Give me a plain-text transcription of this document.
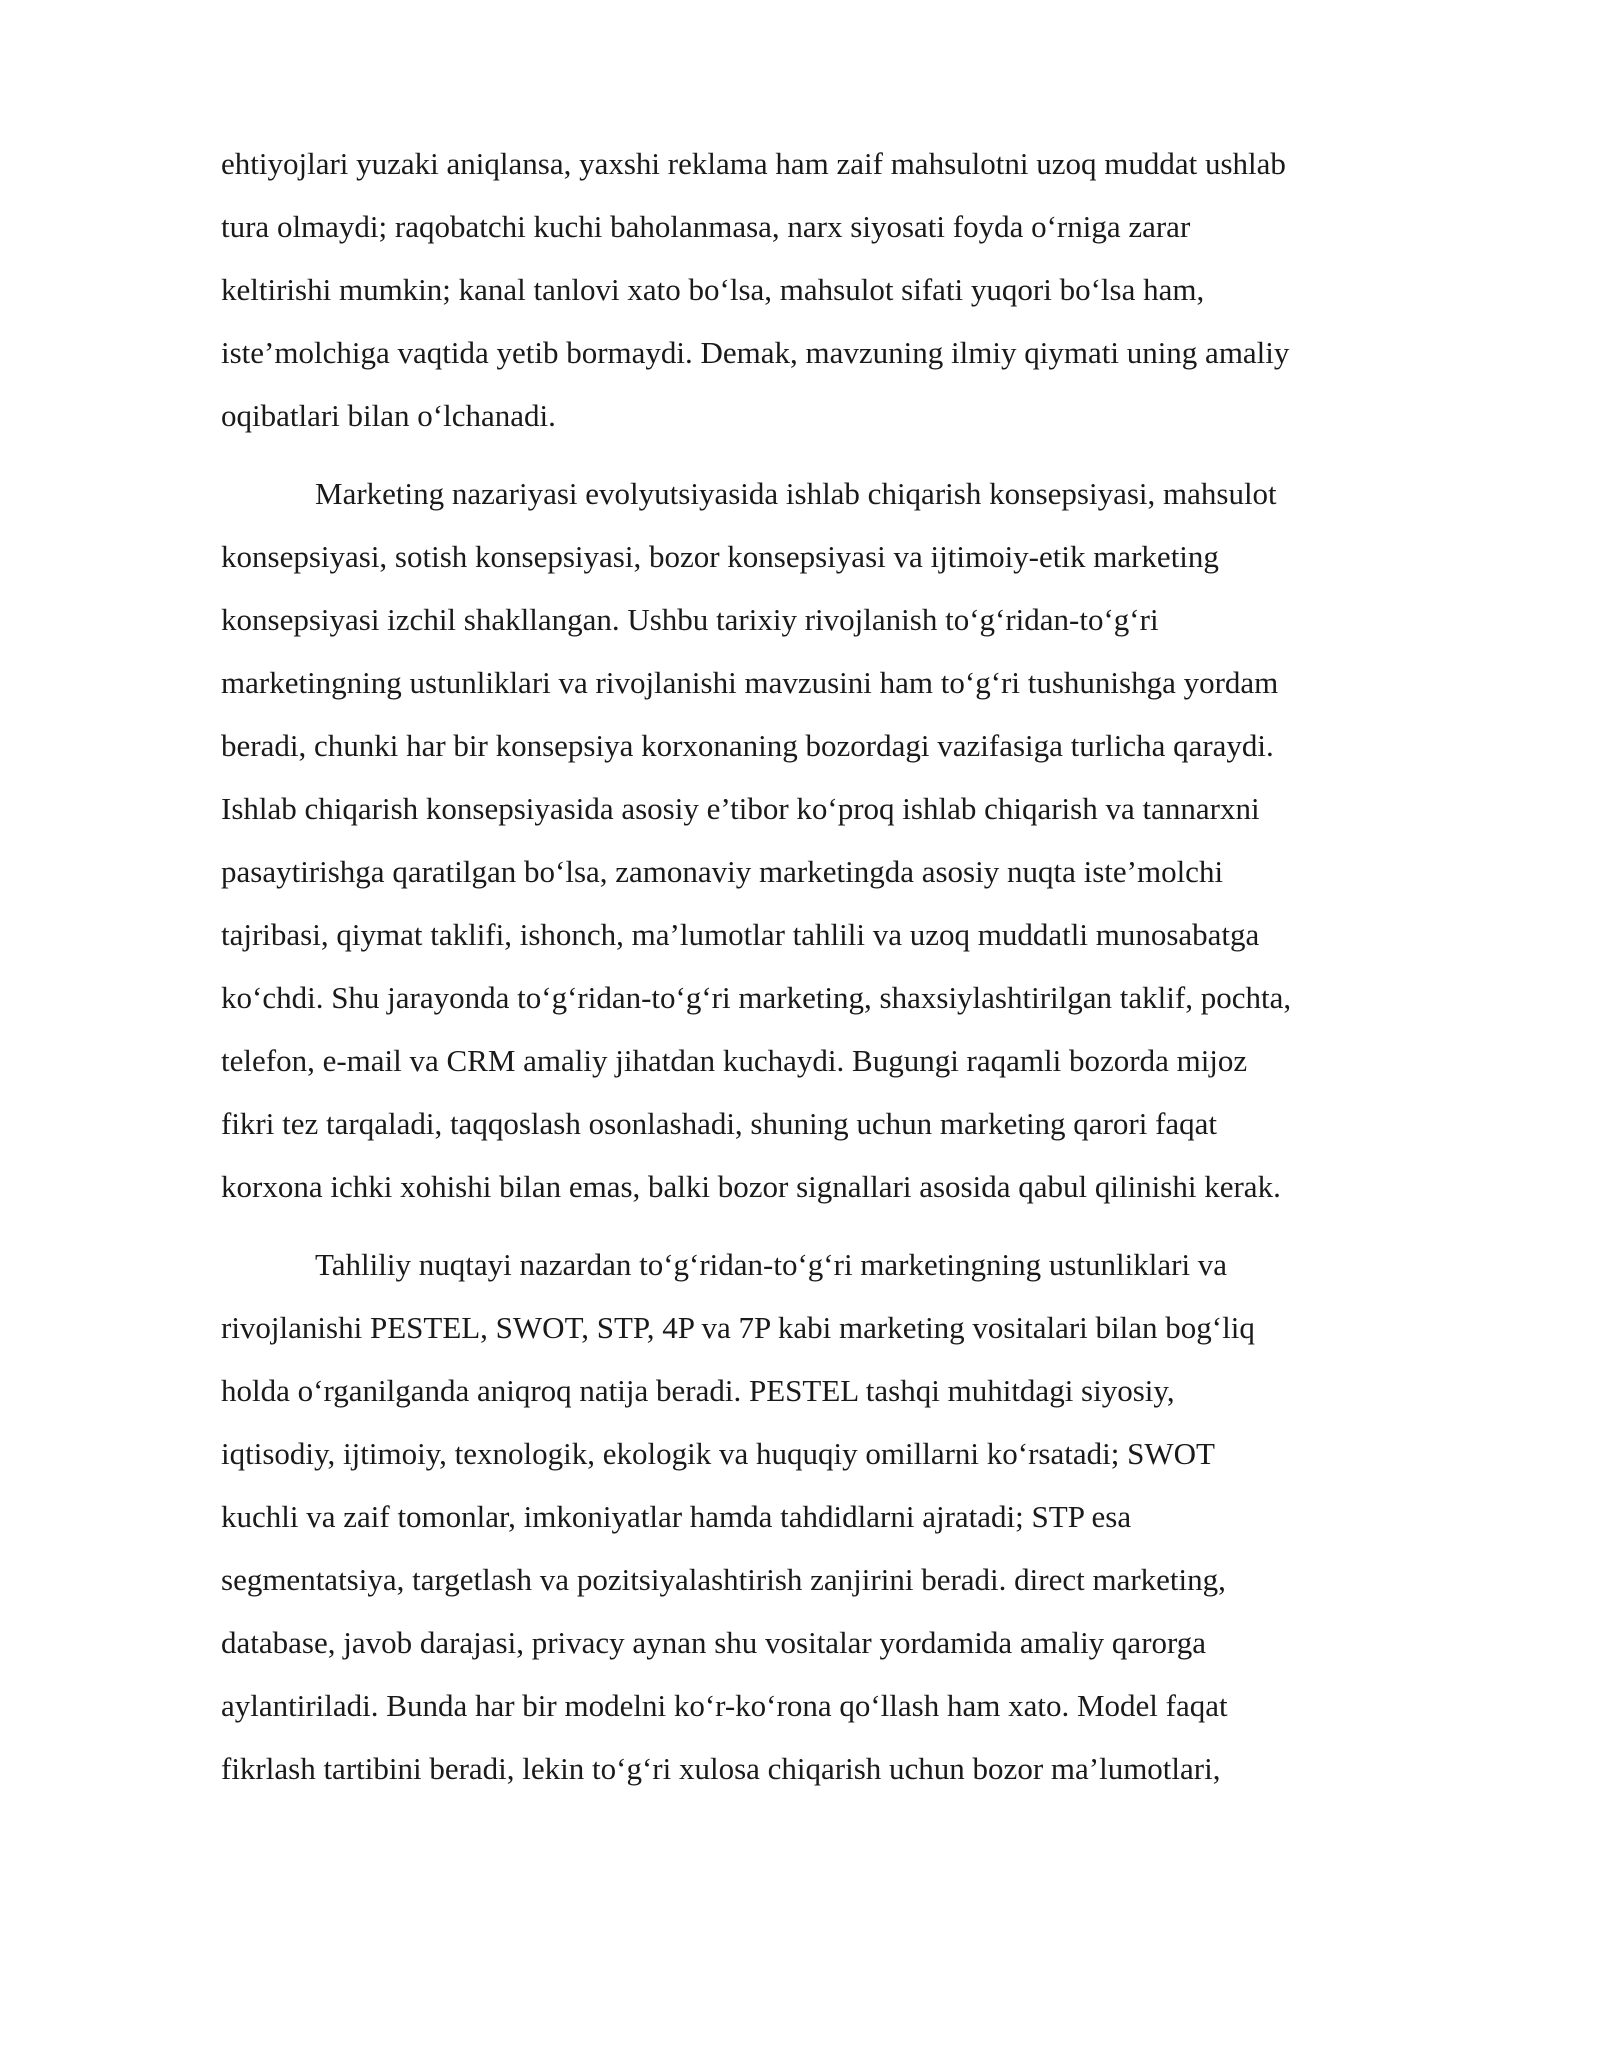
ehtiyojlari yuzaki aniqlansa, yaxshi reklama ham zaif mahsulotni uzoq muddat ushlab
tura olmaydi; raqobatchi kuchi baholanmasa, narx siyosati foyda o‘rniga zarar
keltirishi mumkin; kanal tanlovi xato bo‘lsa, mahsulot sifati yuqori bo‘lsa ham,
iste’molchiga vaqtida yetib bormaydi. Demak, mavzuning ilmiy qiymati uning amaliy
oqibatlari bilan o‘lchanadi.
Marketing nazariyasi evolyutsiyasida ishlab chiqarish konsepsiyasi, mahsulot
konsepsiyasi, sotish konsepsiyasi, bozor konsepsiyasi va ijtimoiy-etik marketing
konsepsiyasi izchil shakllangan. Ushbu tarixiy rivojlanish to‘g‘ridan-to‘g‘ri
marketingning ustunliklari va rivojlanishi mavzusini ham to‘g‘ri tushunishga yordam
beradi, chunki har bir konsepsiya korxonaning bozordagi vazifasiga turlicha qaraydi.
Ishlab chiqarish konsepsiyasida asosiy e’tibor ko‘proq ishlab chiqarish va tannarxni
pasaytirishga qaratilgan bo‘lsa, zamonaviy marketingda asosiy nuqta iste’molchi
tajribasi, qiymat taklifi, ishonch, ma’lumotlar tahlili va uzoq muddatli munosabatga
ko‘chdi. Shu jarayonda to‘g‘ridan-to‘g‘ri marketing, shaxsiylashtirilgan taklif, pochta,
telefon, e-mail va CRM amaliy jihatdan kuchaydi. Bugungi raqamli bozorda mijoz
fikri tez tarqaladi, taqqoslash osonlashadi, shuning uchun marketing qarori faqat
korxona ichki xohishi bilan emas, balki bozor signallari asosida qabul qilinishi kerak.
Tahliliy nuqtayi nazardan to‘g‘ridan-to‘g‘ri marketingning ustunliklari va
rivojlanishi PESTEL, SWOT, STP, 4P va 7P kabi marketing vositalari bilan bog‘liq
holda o‘rganilganda aniqroq natija beradi. PESTEL tashqi muhitdagi siyosiy,
iqtisodiy, ijtimoiy, texnologik, ekologik va huquqiy omillarni ko‘rsatadi; SWOT
kuchli va zaif tomonlar, imkoniyatlar hamda tahdidlarni ajratadi; STP esa
segmentatsiya, targetlash va pozitsiyalashtirish zanjirini beradi. direct marketing,
database, javob darajasi, privacy aynan shu vositalar yordamida amaliy qarorga
aylantiriladi. Bunda har bir modelni ko‘r-ko‘rona qo‘llash ham xato. Model faqat
fikrlash tartibini beradi, lekin to‘g‘ri xulosa chiqarish uchun bozor ma’lumotlari,
